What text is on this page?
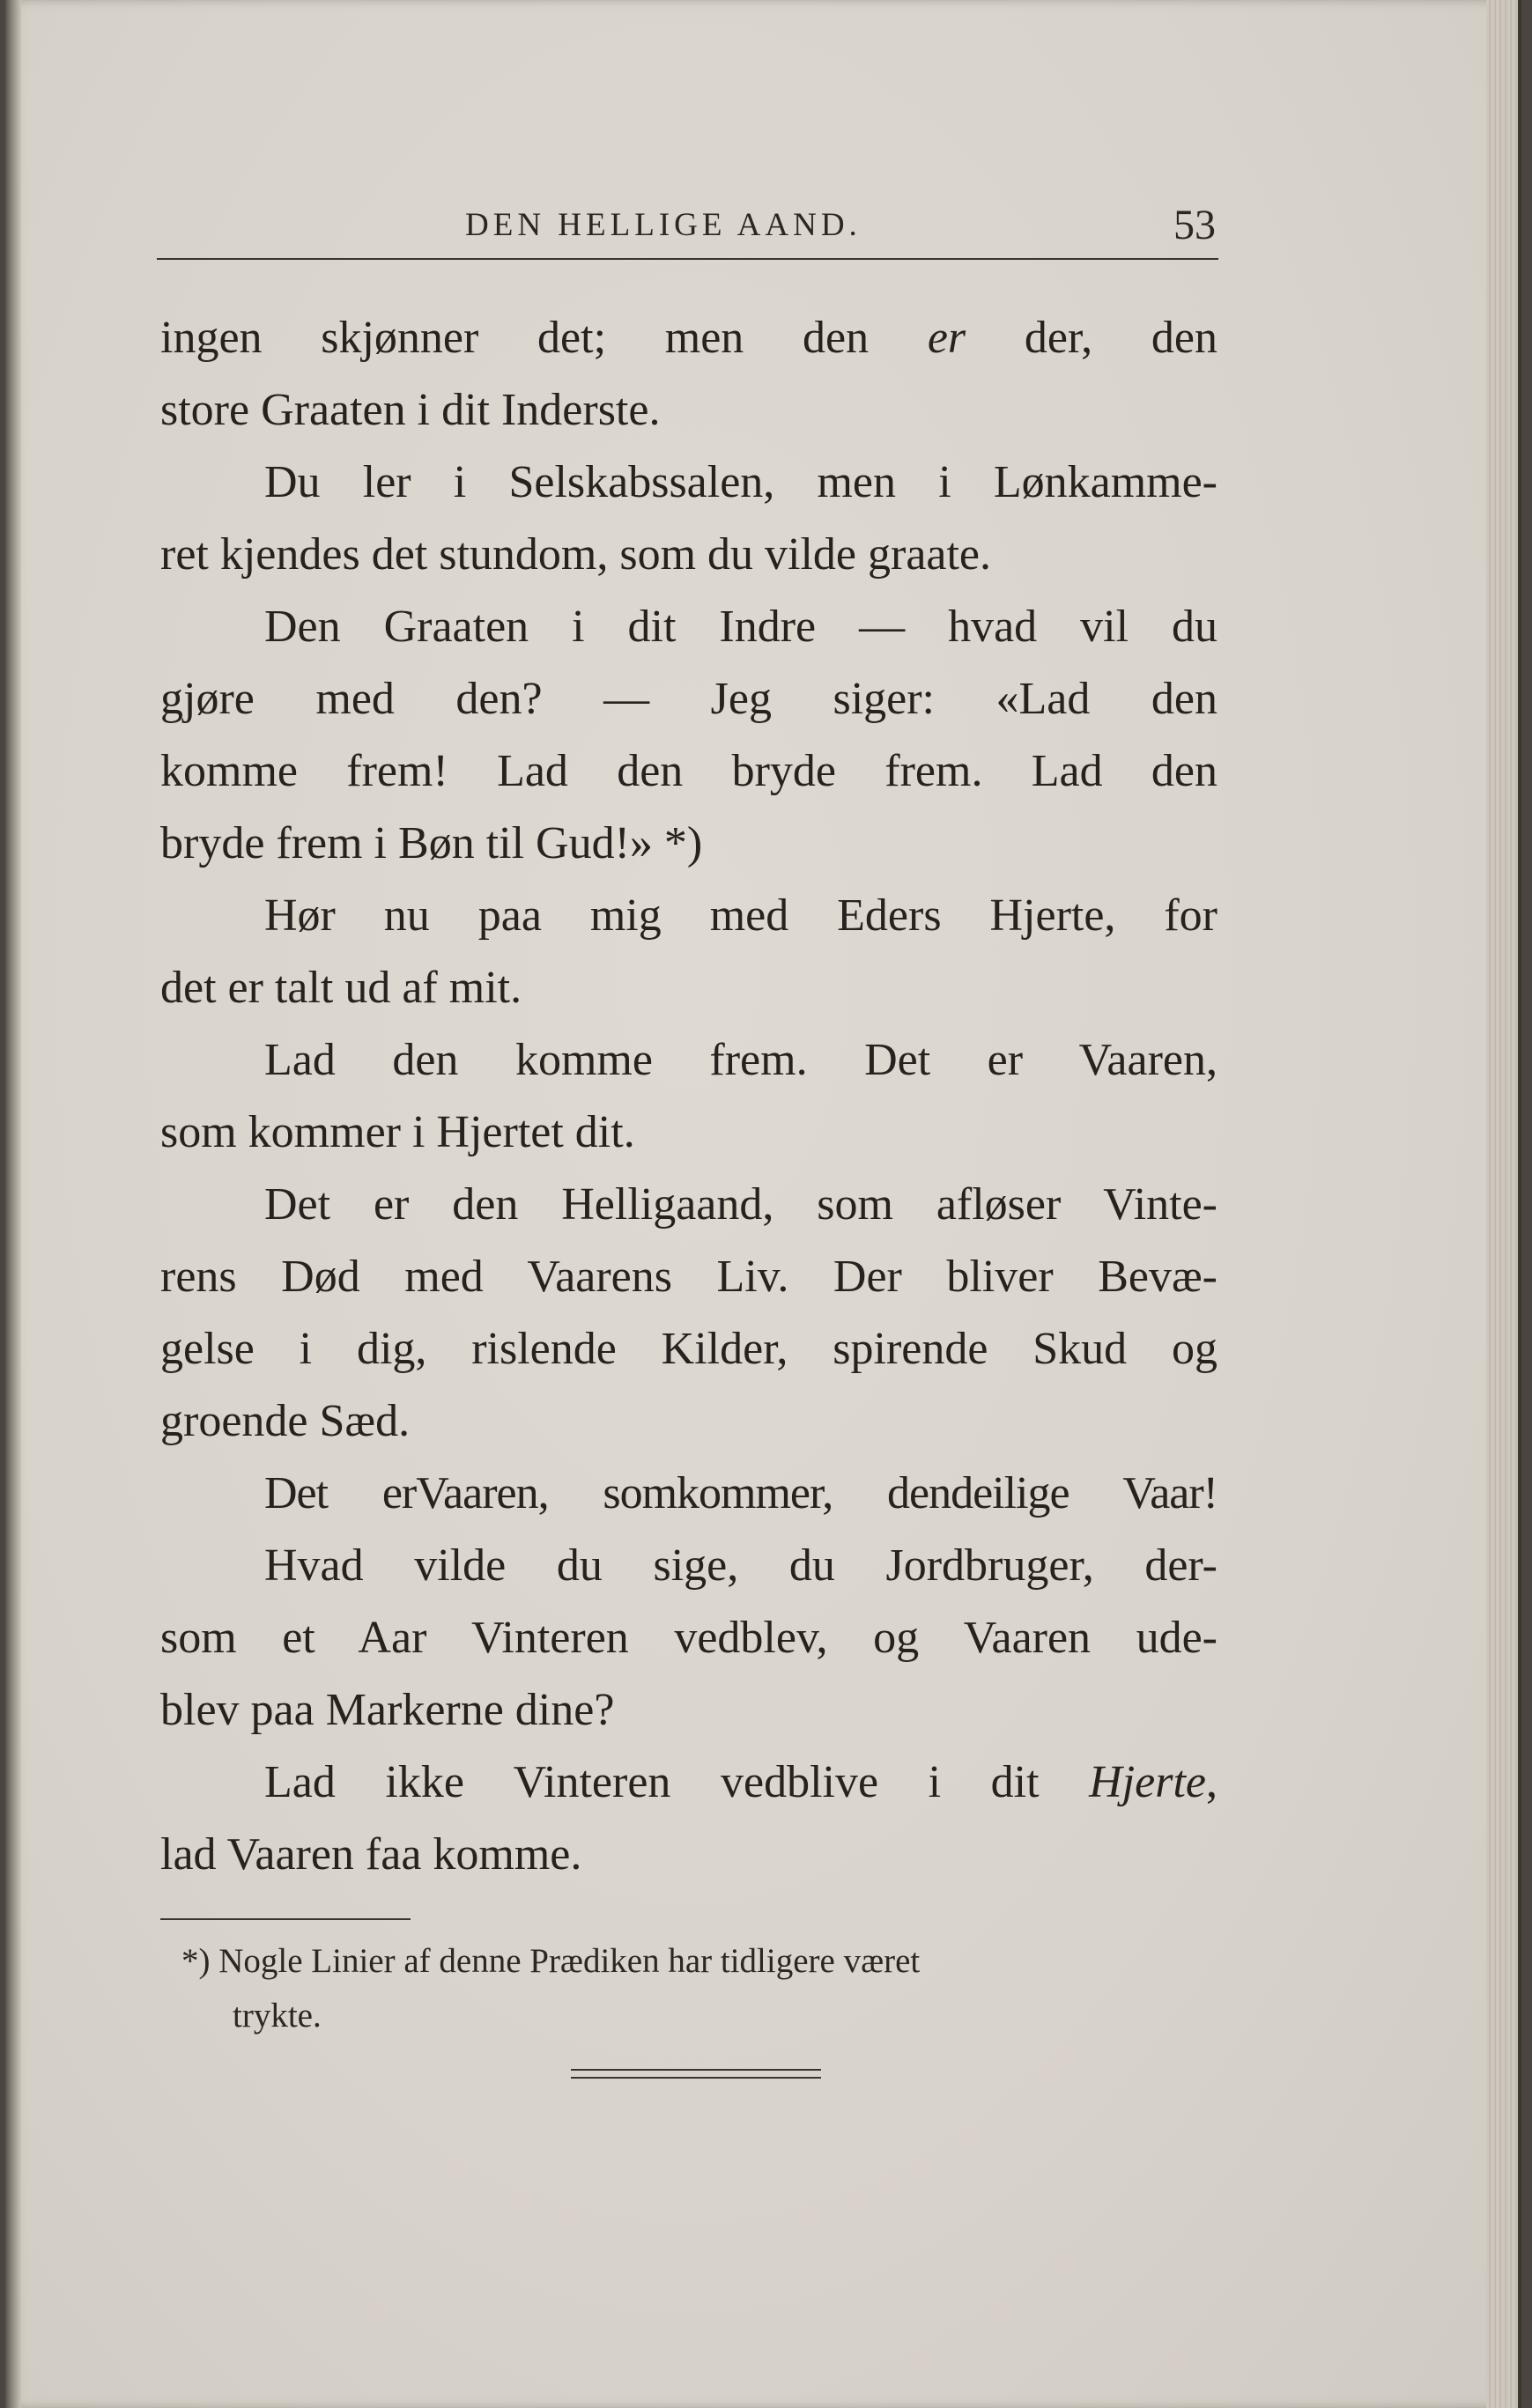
DEN HELLIGE AAND.	53
ingen skjønner det; men den er der, den
store Graaten i dit Inderste.
Du ler i Selskabssalen, men i Lønkamme-
ret kjendes det stundom, som du vilde graate.
Den Graaten i dit Indre — hvad vil du
gjøre med den? — Jeg siger: «Lad den
komme frem! Lad den bryde frem. Lad den
bryde frem i Bøn til Gud!» *)
Hør nu paa mig med Eders Hjerte, for
det er talt ud af mit.
Lad den komme frem. Det er Vaaren,
som kommer i Hjertet dit.
Det er den Helligaand, som afløser Vinte-
rens Død med Vaarens Liv. Der bliver Bevæ-
gelse i dig, rislende Kilder, spirende Skud og
groende Sæd.
Det erVaaren, somkommer, dendeilige Vaar!
Hvad vilde du sige, du Jordbruger, der-
som et Aar Vinteren vedblev, og Vaaren ude-
blev paa Markerne dine?
Lad ikke Vinteren vedblive i dit Hjerte,
lad Vaaren faa komme.
*) Nogle Linier af denne Prædiken har tidligere været
trykte.
